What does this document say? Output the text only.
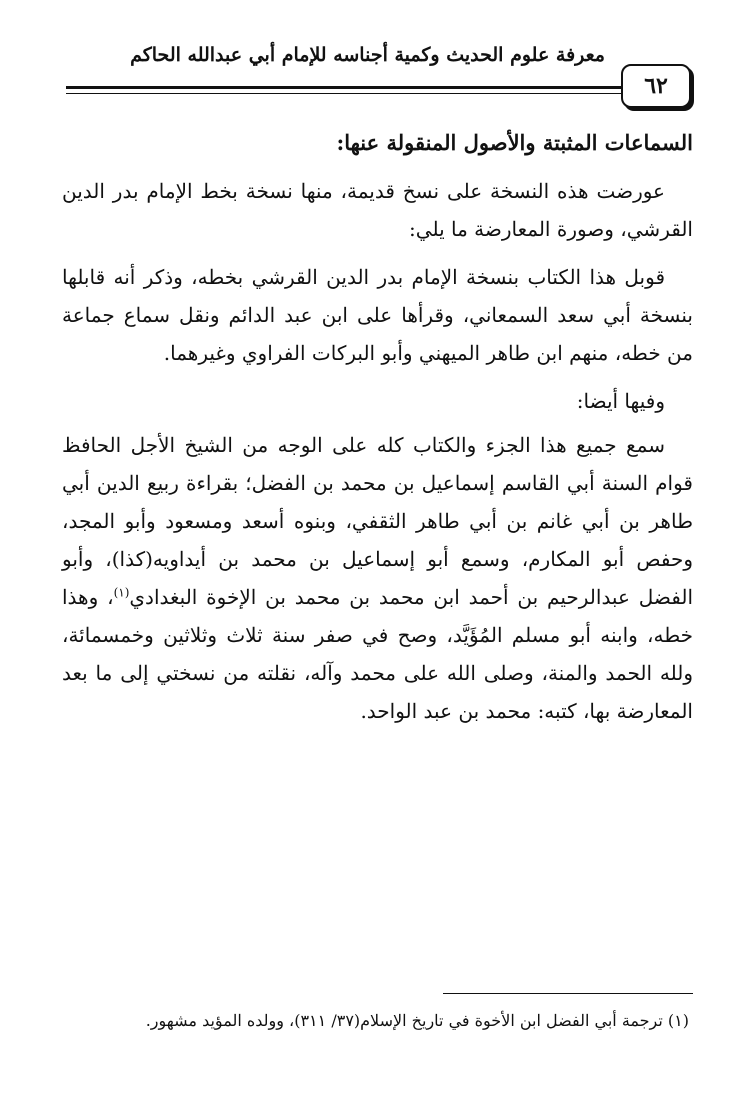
معرفة علوم الحديث وكمية أجناسه للإمام أبي عبدالله الحاكم
٦٢
السماعات المثبتة والأصول المنقولة عنها:

عورضت هذه النسخة على نسخ قديمة، منها نسخة بخط الإمام بدر الدين القرشي، وصورة المعارضة ما يلي:

قوبل هذا الكتاب بنسخة الإمام بدر الدين القرشي بخطه، وذكر أنه قابلها بنسخة أبي سعد السمعاني، وقرأها على ابن عبد الدائم ونقل سماع جماعة من خطه، منهم ابن طاهر الميهني وأبو البركات الفراوي وغيرهما.

وفيها أيضا:

سمع جميع هذا الجزء والكتاب كله على الوجه من الشيخ الأجل الحافظ قوام السنة أبي القاسم إسماعيل بن محمد بن الفضل؛ بقراءة ربيع الدين أبي طاهر بن أبي غانم بن أبي طاهر الثقفي، وبنوه أسعد ومسعود وأبو المجد، وحفص أبو المكارم، وسمع أبو إسماعيل بن محمد بن أيداويه(كذا)، وأبو الفضل عبدالرحيم بن أحمد ابن محمد بن محمد بن الإخوة البغدادي$^{(١)}$، وهذا خطه، وابنه أبو مسلم المُؤَيَّد، وصح في صفر سنة ثلاث وثلاثين وخمسمائة، ولله الحمد والمنة، وصلى الله على محمد وآله، نقلته من نسختي إلى ما بعد المعارضة بها، كتبه: محمد بن عبد الواحد.

(١) ترجمة أبي الفضل ابن الأخوة في تاريخ الإسلام(٣٧/ ٣١١)، وولده المؤيد مشهور.
